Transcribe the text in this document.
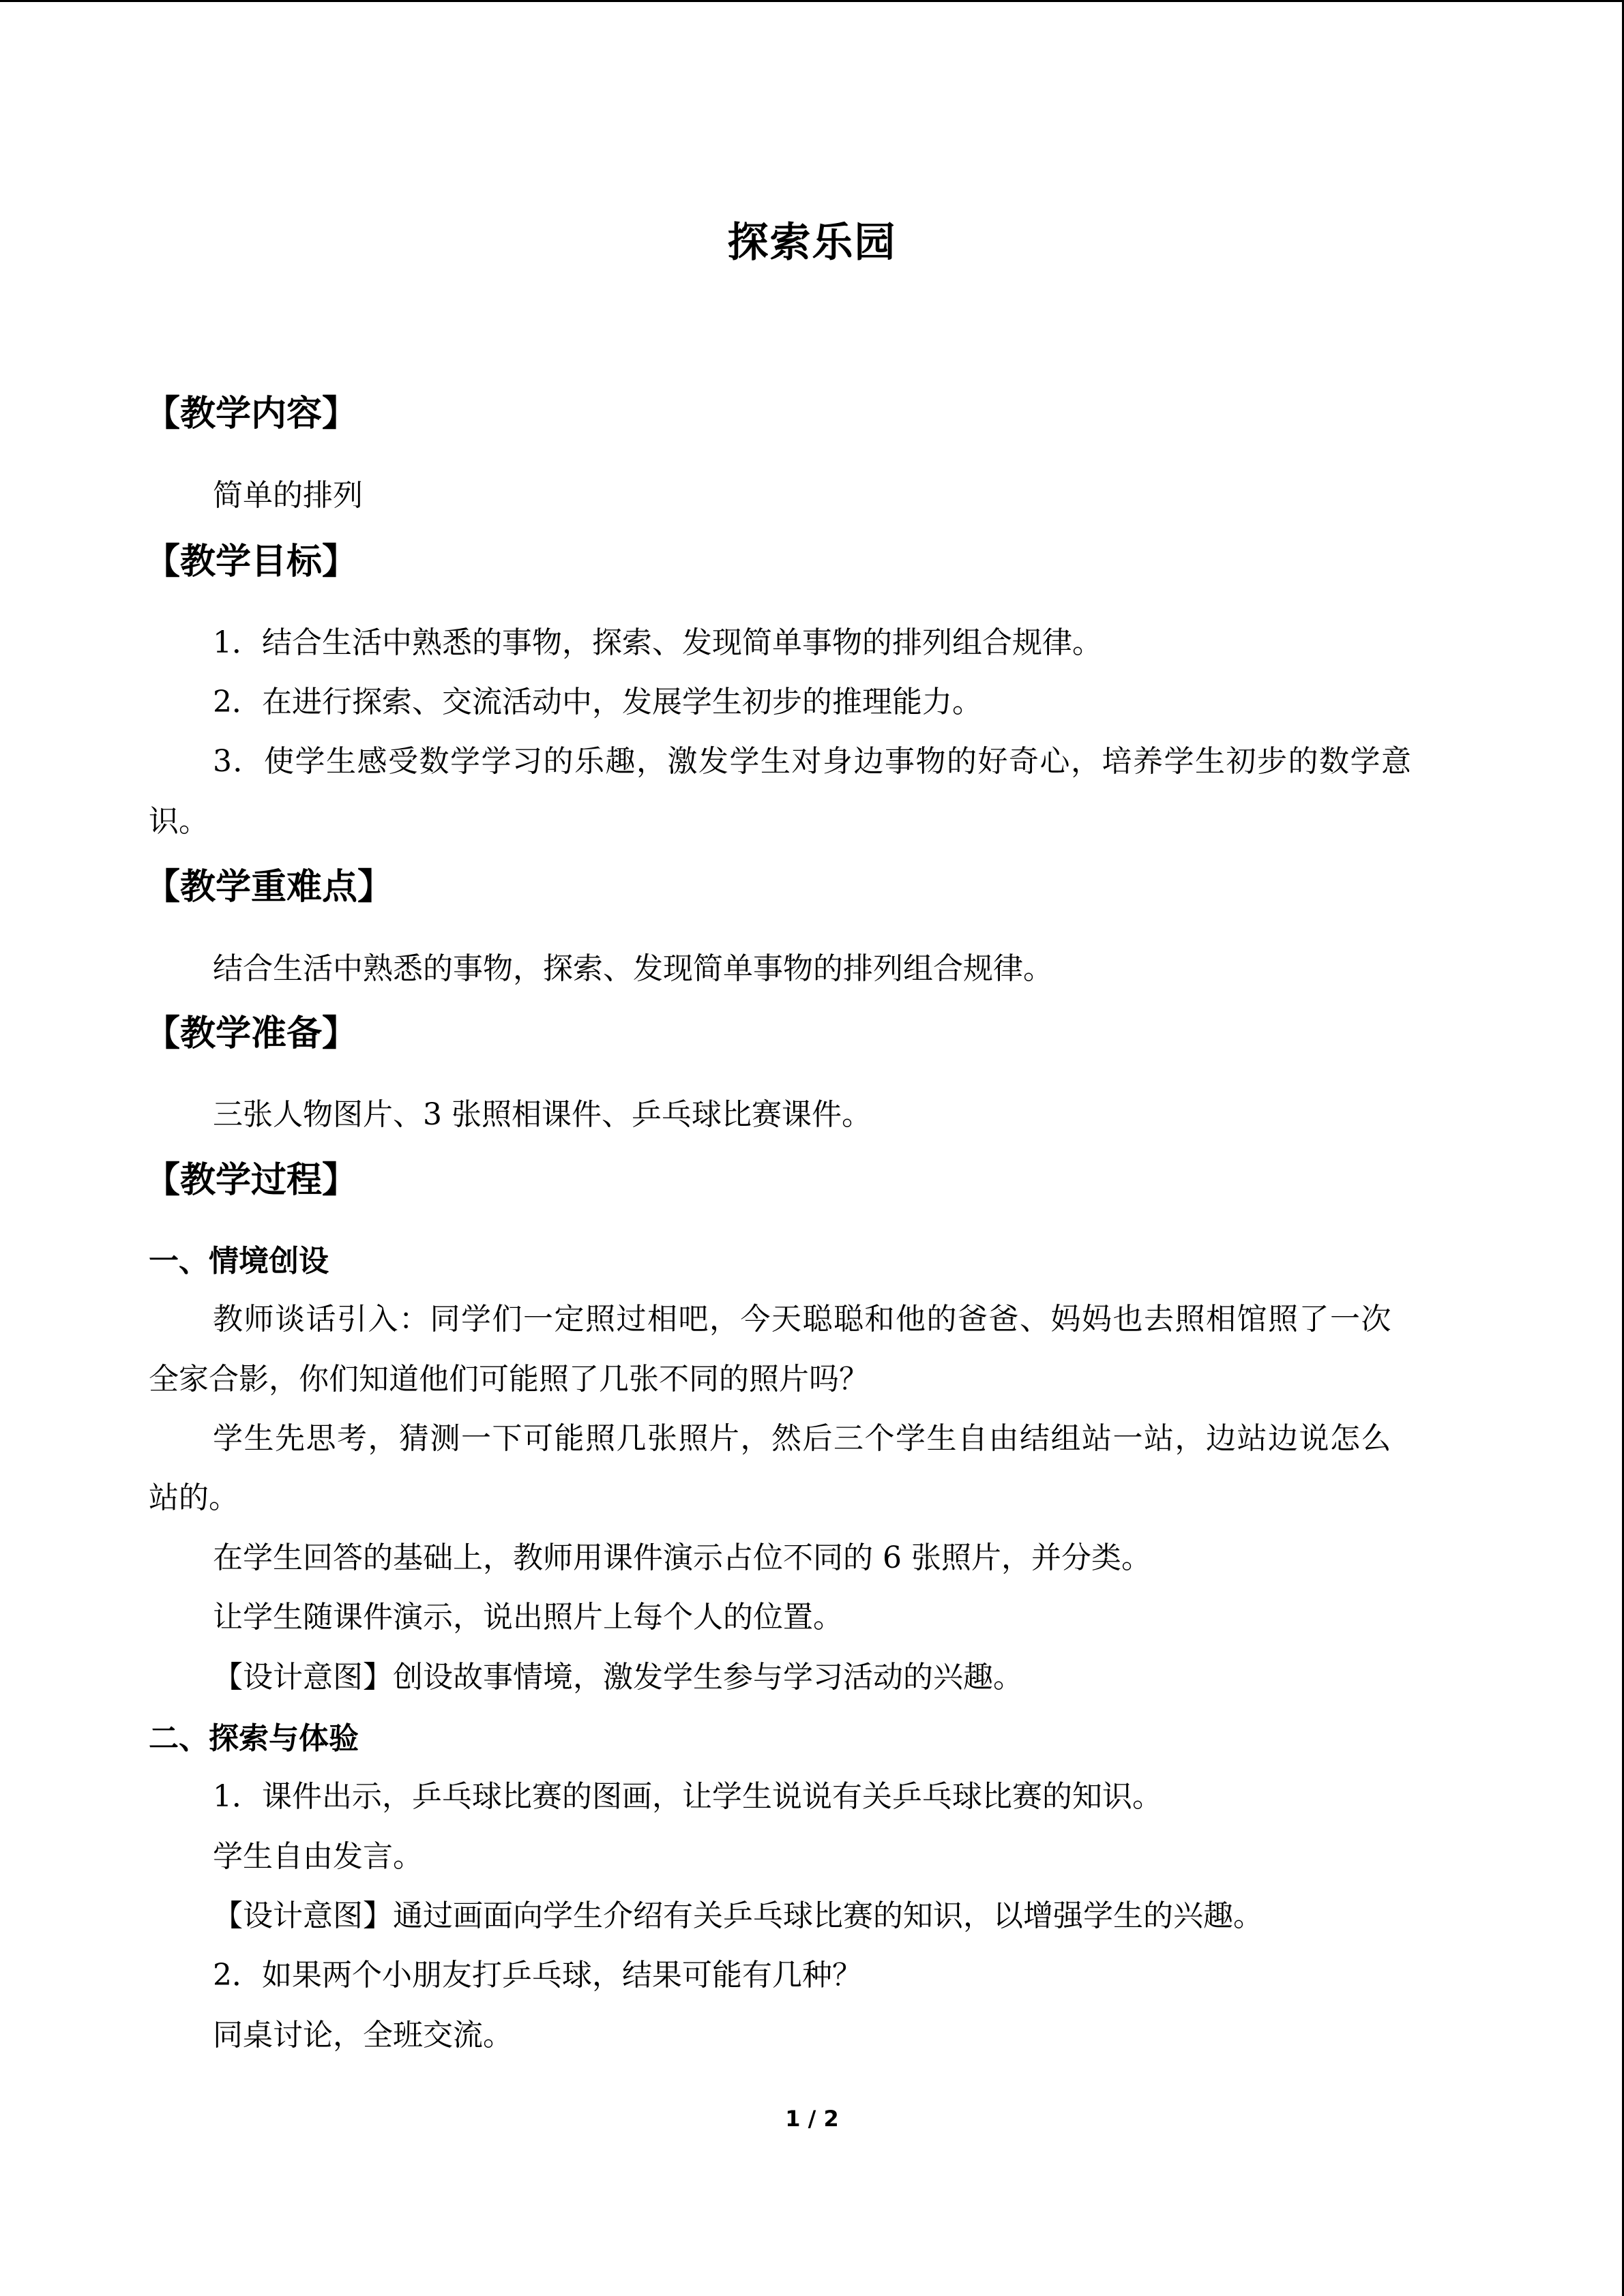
探索乐园
【教学内容】
简单的排列
【教学目标】
1．结合生活中熟悉的事物，探索、发现简单事物的排列组合规律。
2．在进行探索、交流活动中，发展学生初步的推理能力。
3．使学生感受数学学习的乐趣，激发学生对身边事物的好奇心，培养学生初步的数学意
识。
【教学重难点】
结合生活中熟悉的事物，探索、发现简单事物的排列组合规律。
【教学准备】
三张人物图片、3 张照相课件、乒乓球比赛课件。
【教学过程】
一、情境创设
教师谈话引入：同学们一定照过相吧，今天聪聪和他的爸爸、妈妈也去照相馆照了一次
全家合影，你们知道他们可能照了几张不同的照片吗？
学生先思考，猜测一下可能照几张照片，然后三个学生自由结组站一站，边站边说怎么
站的。
在学生回答的基础上，教师用课件演示占位不同的 6 张照片，并分类。
让学生随课件演示，说出照片上每个人的位置。
【设计意图】创设故事情境，激发学生参与学习活动的兴趣。
二、探索与体验
1．课件出示，乒乓球比赛的图画，让学生说说有关乒乓球比赛的知识。
学生自由发言。
【设计意图】通过画面向学生介绍有关乒乓球比赛的知识，以增强学生的兴趣。
2．如果两个小朋友打乒乓球，结果可能有几种？
同桌讨论，全班交流。
1 / 2
